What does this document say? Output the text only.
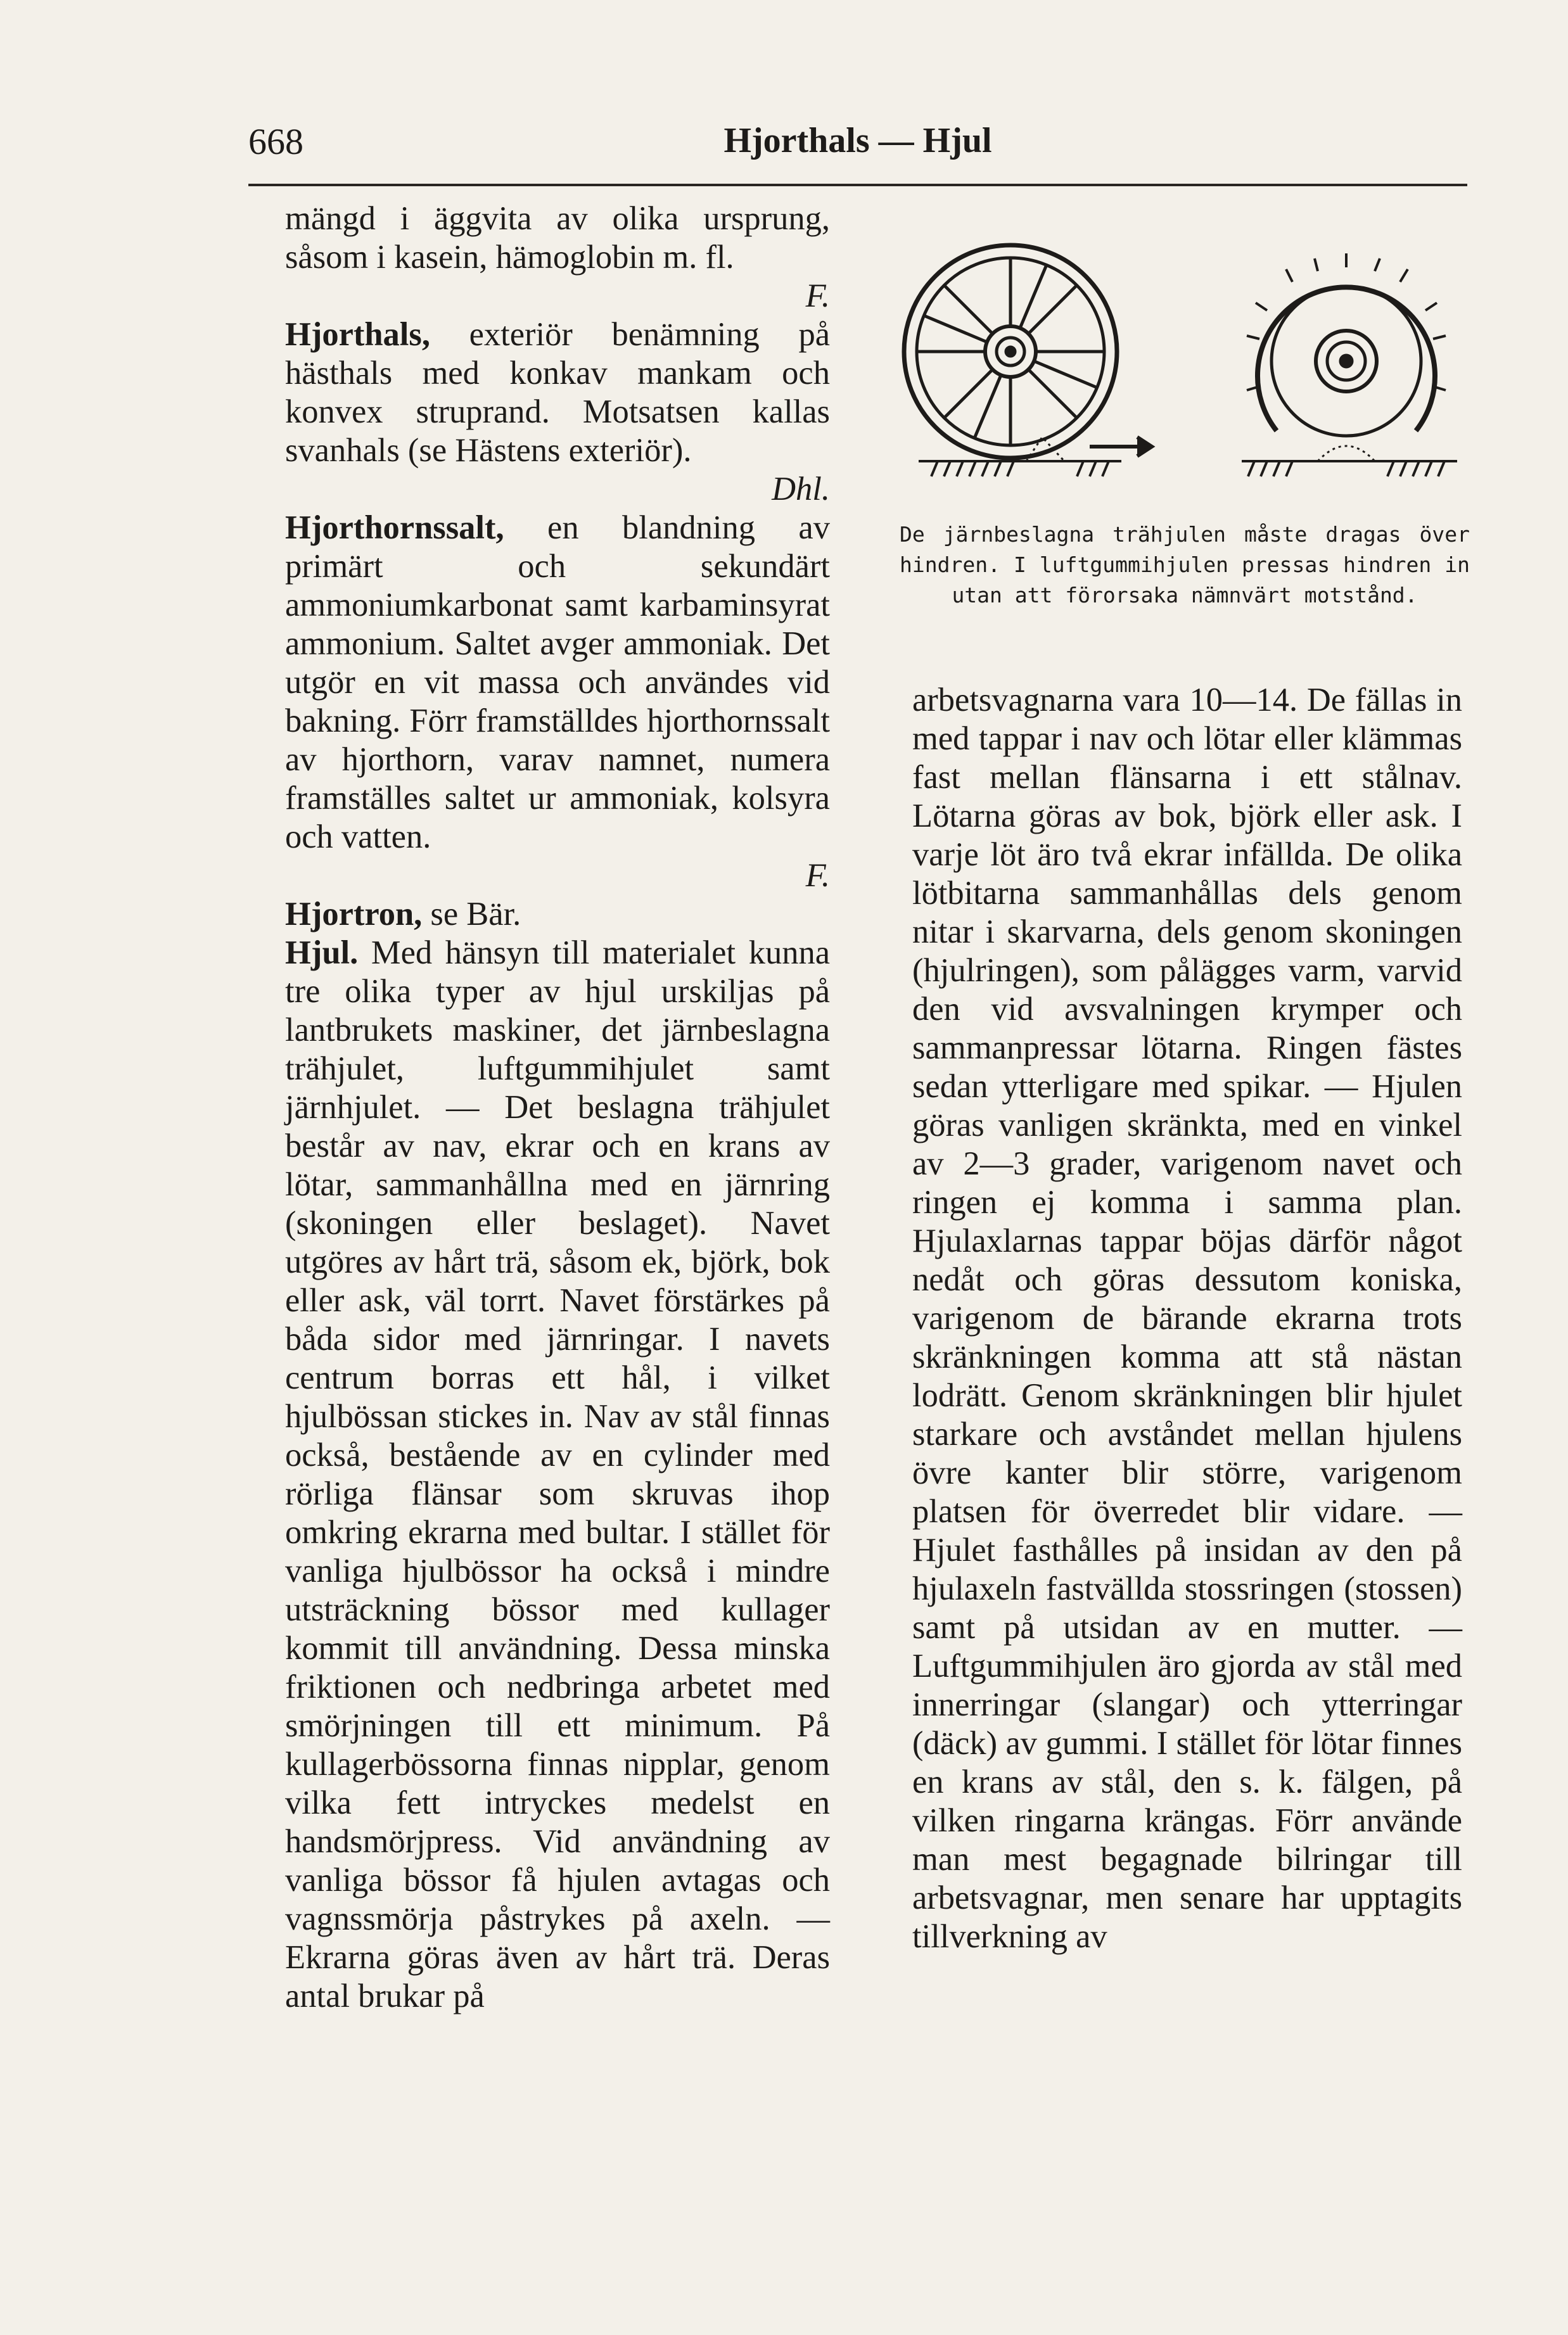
668	Hjorthals — Hjul

mängd i äggvita av olika ursprung, såsom i kasein, hämoglobin m. fl.

F.

Hjorthals, exteriör benämning på hästhals med konkav mankam och konvex struprand. Motsatsen kallas svanhals (se Hästens exteriör).

Dhl.

Hjorthornssalt, en blandning av primärt och sekundärt ammoniumkarbonat samt karbaminsyrat ammonium. Saltet avger ammoniak. Det utgör en vit massa och användes vid bakning. Förr framställdes hjorthornssalt av hjorthorn, varav namnet, numera framställes saltet ur ammoniak, kolsyra och vatten.

F.

Hjortron, se Bär.

Hjul. Med hänsyn till materialet kunna tre olika typer av hjul urskiljas på lantbrukets maskiner, det järnbeslagna trähjulet, luftgummihjulet samt järnhjulet. — Det beslagna trähjulet består av nav, ekrar och en krans av lötar, sammanhållna med en järnring (skoningen eller beslaget). Navet utgöres av hårt trä, såsom ek, björk, bok eller ask, väl torrt. Navet förstärkes på båda sidor med järnringar. I navets centrum borras ett hål, i vilket hjulbössan stickes in. Nav av stål finnas också, bestående av en cylinder med rörliga flänsar som skruvas ihop omkring ekrarna med bultar. I stället för vanliga hjulbössor ha också i mindre utsträckning bössor med kullager kommit till användning. Dessa minska friktionen och nedbringa arbetet med smörjningen till ett minimum. På kullagerbössorna finnas nipplar, genom vilka fett intryckes medelst en handsmörjpress. Vid användning av vanliga bössor få hjulen avtagas och vagnssmörja påstrykes på axeln. — Ekrarna göras även av hårt trä. Deras antal brukar på

De järnbeslagna trähjulen måste dragas över hindren. I luftgummihjulen pressas hindren in utan att förorsaka nämnvärt motstånd.

arbetsvagnarna vara 10—14. De fällas in med tappar i nav och lötar eller klämmas fast mellan flänsarna i ett stålnav. Lötarna göras av bok, björk eller ask. I varje löt äro två ekrar infällda. De olika lötbitarna sammanhållas dels genom nitar i skarvarna, dels genom skoningen (hjulringen), som pålägges varm, varvid den vid avsvalningen krymper och sammanpressar lötarna. Ringen fästes sedan ytterligare med spikar. — Hjulen göras vanligen skränkta, med en vinkel av 2—3 grader, varigenom navet och ringen ej komma i samma plan. Hjulaxlarnas tappar böjas därför något nedåt och göras dessutom koniska, varigenom de bärande ekrarna trots skränkningen komma att stå nästan lodrätt. Genom skränkningen blir hjulet starkare och avståndet mellan hjulens övre kanter blir större, varigenom platsen för överredet blir vidare. — Hjulet fasthålles på insidan av den på hjulaxeln fastvällda stossringen (stossen) samt på utsidan av en mutter. — Luftgummihjulen äro gjorda av stål med innerringar (slangar) och ytterringar (däck) av gummi. I stället för lötar finnes en krans av stål, den s. k. fälgen, på vilken ringarna krängas. Förr använde man mest begagnade bilringar till arbetsvagnar, men senare har upptagits tillverkning av
